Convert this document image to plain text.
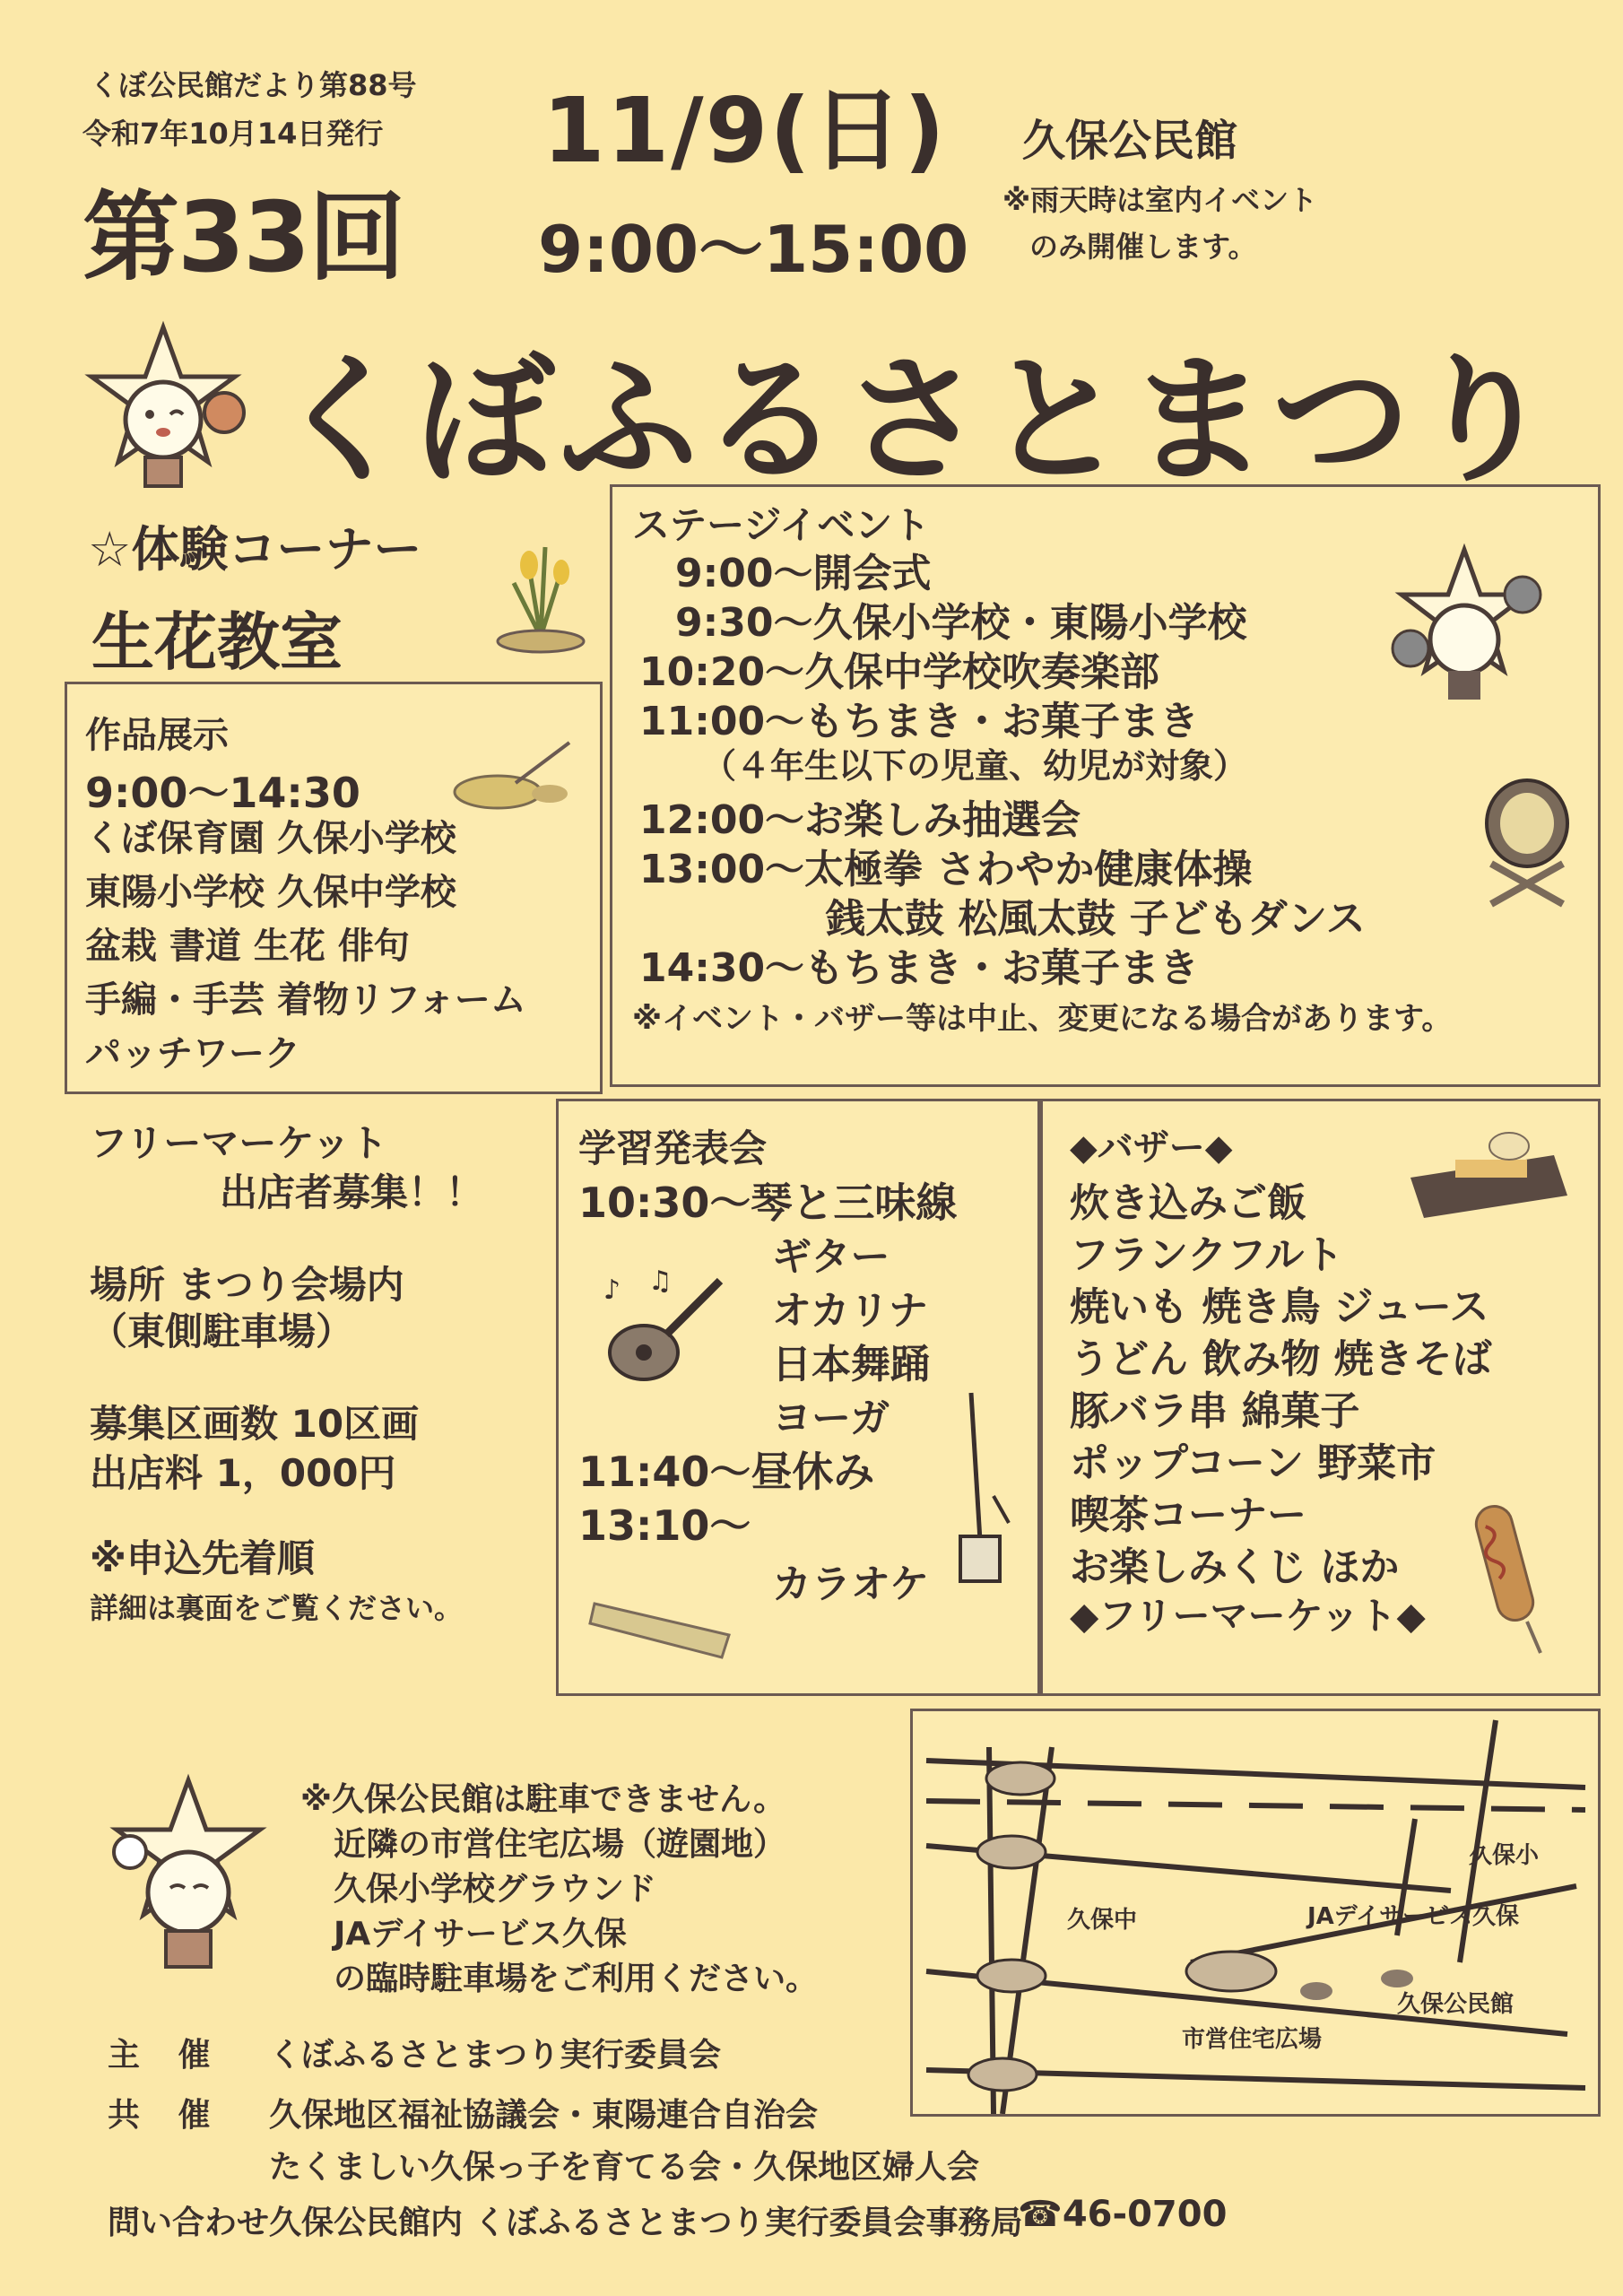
くぼ公民館だより第88号
令和7年10月14日発行
第33回
11/9(日) 久保公民館
9:00〜15:00
※雨天時は室内イベント
のみ開催します。
くぼふるさとまつり
☆体験コーナー
生花教室
作品展示
9:00〜14:30
くぼ保育園 久保小学校
東陽小学校 久保中学校
盆栽 書道 生花 俳句
手編・手芸 着物リフォーム
パッチワーク
ステージイベント
9:00〜開会式
9:30〜久保小学校・東陽小学校
10:20〜久保中学校吹奏楽部
11:00〜もちまき・お菓子まき
（４年生以下の児童、幼児が対象）
12:00〜お楽しみ抽選会
13:00〜太極拳 さわやか健康体操
銭太鼓 松風太鼓 子どもダンス
14:30〜もちまき・お菓子まき
※イベント・バザー等は中止、変更になる場合があります。
フリーマーケット
出店者募集！！
場所 まつり会場内
（東側駐車場）
募集区画数 10区画
出店料 1，000円
※申込先着順
詳細は裏面をご覧ください。
学習発表会
10:30〜琴と三味線
ギター
オカリナ
日本舞踊
ヨーガ
11:40〜昼休み
13:10〜
カラオケ
♪ ♫
◆バザー◆
炊き込みご飯
フランクフルト
焼いも 焼き鳥 ジュース
うどん 飲み物 焼きそば
豚バラ串 綿菓子
ポップコーン 野菜市
喫茶コーナー
お楽しみくじ ほか
◆フリーマーケット◆
※久保公民館は駐車できません。
近隣の市営住宅広場（遊園地）
久保小学校グラウンド
JAデイサービス久保
の臨時駐車場をご利用ください。
久保小
久保中	JAデイサービス久保
久保公民館
市営住宅広場
主 催 くぼふるさとまつり実行委員会
共 催 久保地区福祉協議会・東陽連合自治会
たくましい久保っ子を育てる会・久保地区婦人会
問い合わせ 久保公民館内 くぼふるさとまつり実行委員会事務局
☎46-0700
